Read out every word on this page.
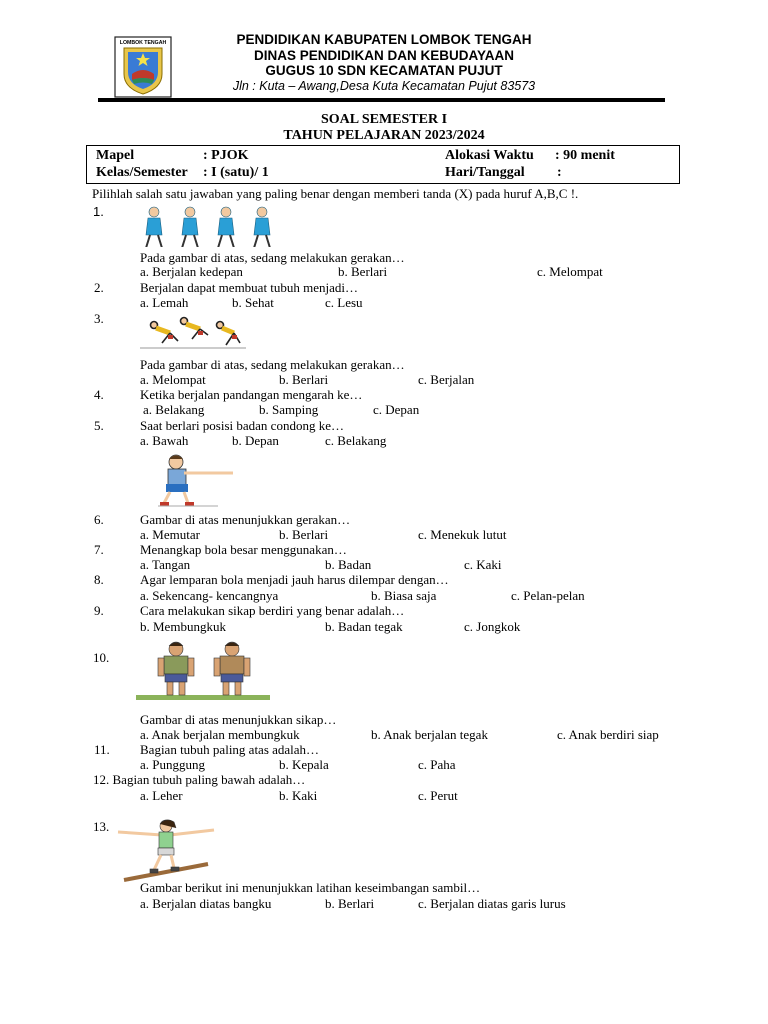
LOMBOK TENGAH	PENDIDIKAN KABUPATEN LOMBOK TENGAH
DINAS PENDIDIKAN DAN KEBUDAYAAN
GUGUS 10 SDN KECAMATAN PUJUT
Jln : Kuta – Awang,Desa Kuta Kecamatan Pujut 83573
SOAL SEMESTER I
TAHUN PELAJARAN 2023/2024
Mapel	: PJOK
Kelas/Semester : I (satu)/ 1
Alokasi Waktu : 90 menit
Hari/Tanggal :
Pilihlah salah satu jawaban yang paling benar dengan memberi tanda (X) pada huruf A,B,C !.
1.
Pada gambar di atas, sedang melakukan gerakan…
a. Berjalan kedepan	b. Berlari	c. Melompat
2.	Berjalan dapat membuat tubuh menjadi…
a. Lemah	b. Sehat	c. Lesu
3.
Pada gambar di atas, sedang melakukan gerakan…
a. Melompat	b. Berlari	c. Berjalan
4.	Ketika berjalan pandangan mengarah ke…
a. Belakang	b. Samping	c. Depan
5.	Saat berlari posisi badan condong ke…
a. Bawah	b. Depan	c. Belakang
6.	Gambar di atas menunjukkan gerakan…
a. Memutar	b. Berlari	c. Menekuk lutut
7.	Menangkap bola besar menggunakan…
a. Tangan	b. Badan	c. Kaki
8.	Agar lemparan bola menjadi jauh harus dilempar dengan…
a. Sekencang- kencangnya	b. Biasa saja	c. Pelan-pelan
9.	Cara melakukan sikap berdiri yang benar adalah…
b. Membungkuk	b. Badan tegak	c. Jongkok
10.
Gambar di atas menunjukkan sikap…
a. Anak berjalan membungkuk	b. Anak berjalan tegak	c. Anak berdiri siap
11. Bagian tubuh paling atas adalah…
a. Punggung	b. Kepala	c. Paha
12. Bagian tubuh paling bawah adalah…
a. Leher	b. Kaki	c. Perut
13.
Gambar berikut ini menunjukkan latihan keseimbangan sambil…
a. Berjalan diatas bangku	b. Berlari	c. Berjalan diatas garis lurus
